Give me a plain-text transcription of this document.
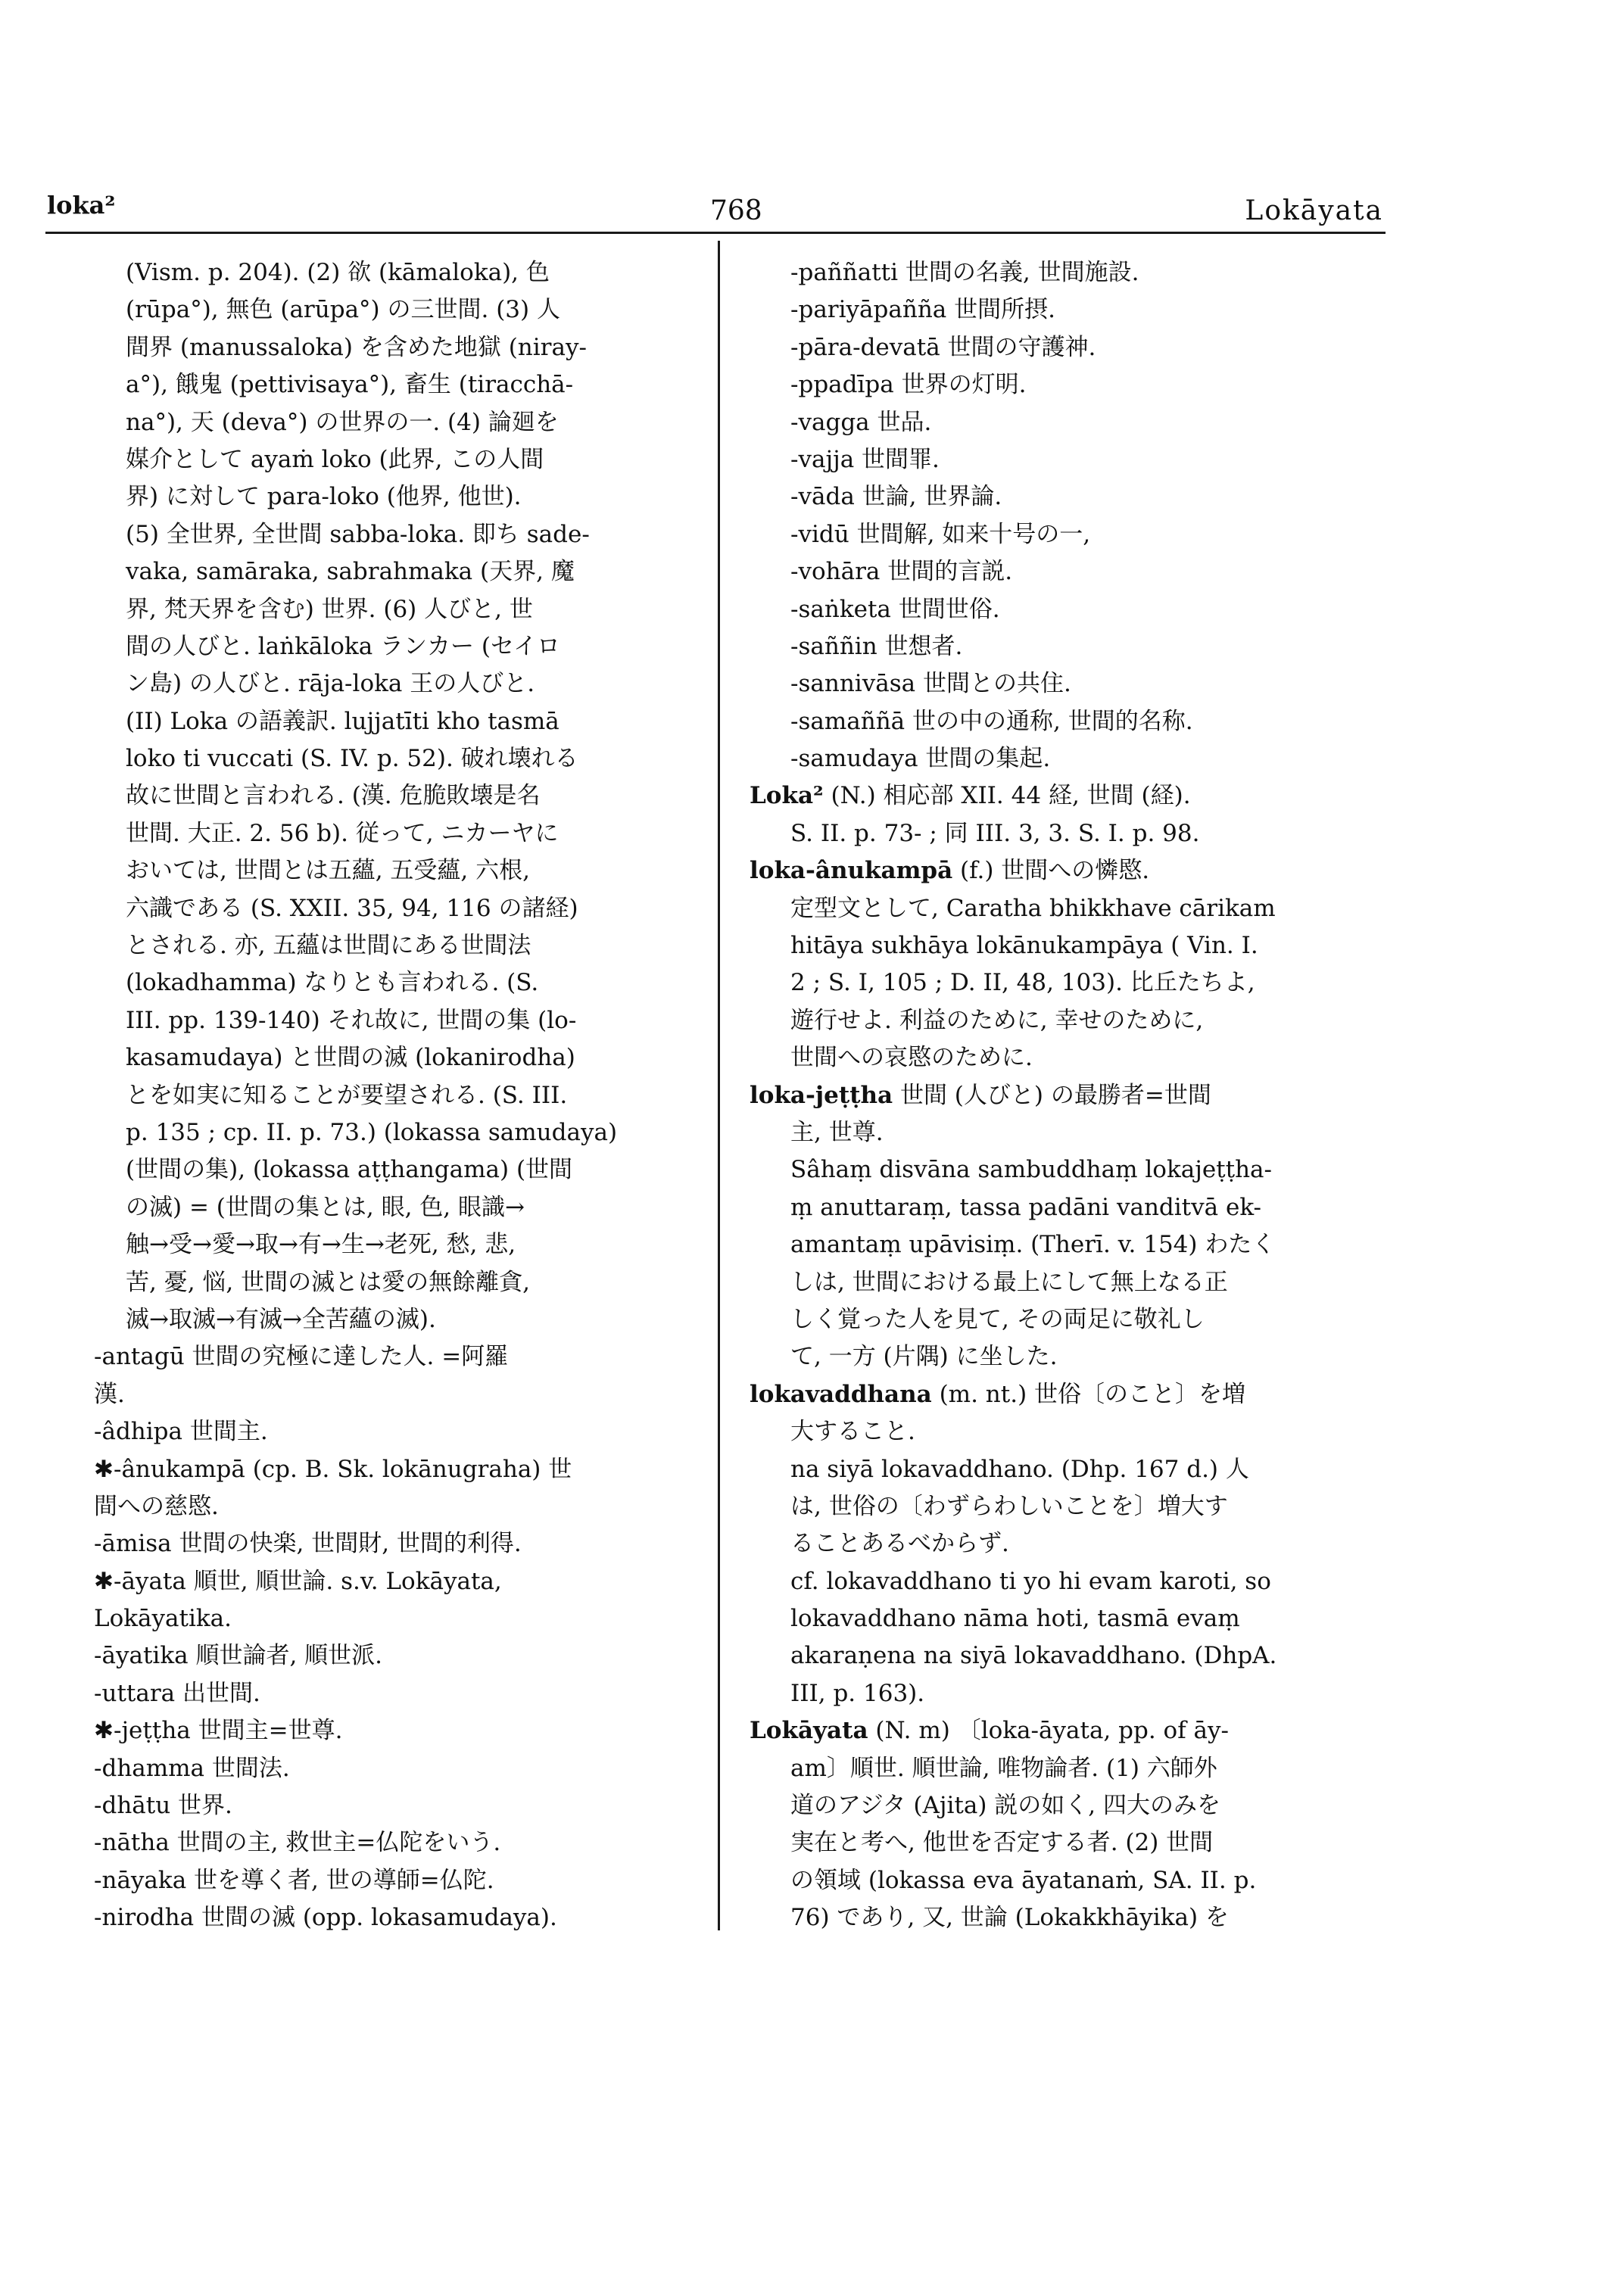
loka²	768	Lokāyata
(Vism. p. 204). (2) 欲 (kāmaloka), 色
(rūpa°), 無色 (arūpa°) の三世間. (3) 人
間界 (manussaloka) を含めた地獄 (niray-
a°), 餓鬼 (pettivisaya°), 畜生 (tiracchā-
na°), 天 (deva°) の世界の一. (4) 論廻を
媒介として ayaṁ loko (此界, この人間
界) に対して para-loko (他界, 他世).
(5) 全世界, 全世間 sabba-loka. 即ち sade-
vaka, samāraka, sabrahmaka (天界, 魔
界, 梵天界を含む) 世界. (6) 人びと, 世
間の人びと. laṅkāloka ランカー (セイロ
ン島) の人びと. rāja-loka 王の人びと.
(II) Loka の語義訳. lujjatīti kho tasmā
loko ti vuccati (S. IV. p. 52). 破れ壊れる
故に世間と言われる. (漢. 危脆敗壊是名
世間. 大正. 2. 56 b). 従って, ニカーヤに
おいては, 世間とは五蘊, 五受蘊, 六根,
六識である (S. XXII. 35, 94, 116 の諸経)
とされる. 亦, 五蘊は世間にある世間法
(lokadhamma) なりとも言われる. (S.
III. pp. 139-140) それ故に, 世間の集 (lo-
kasamudaya) と世間の滅 (lokanirodha)
とを如実に知ることが要望される. (S. III.
p. 135 ; cp. II. p. 73.) (lokassa samudaya)
(世間の集), (lokassa aṭṭhangama) (世間
の滅) = (世間の集とは, 眼, 色, 眼識→
触→受→愛→取→有→生→老死, 愁, 悲,
苦, 憂, 悩, 世間の滅とは愛の無餘離貪,
滅→取滅→有滅→全苦蘊の滅).
-antagū 世間の究極に達した人. =阿羅
漢.
-âdhipa 世間主.
✱-ânukampā (cp. B. Sk. lokānugraha) 世
間への慈愍.
-āmisa 世間の快楽, 世間財, 世間的利得.
✱-āyata 順世, 順世論. s.v. Lokāyata,
Lokāyatika.
-āyatika 順世論者, 順世派.
-uttara 出世間.
✱-jeṭṭha 世間主=世尊.
-dhamma 世間法.
-dhātu 世界.
-nātha 世間の主, 救世主=仏陀をいう.
-nāyaka 世を導く者, 世の導師=仏陀.
-nirodha 世間の滅 (opp. lokasamudaya).
-paññatti 世間の名義, 世間施設.
-pariyāpañña 世間所摂.
-pāra-devatā 世間の守護神.
-ppadīpa 世界の灯明.
-vagga 世品.
-vajja 世間罪.
-vāda 世論, 世界論.
-vidū 世間解, 如来十号の一,
-vohāra 世間的言説.
-saṅketa 世間世俗.
-saññin 世想者.
-sannivāsa 世間との共住.
-samaññā 世の中の通称, 世間的名称.
-samudaya 世間の集起.
Loka² (N.) 相応部 XII. 44 経, 世間 (経).
S. II. p. 73- ; 同 III. 3, 3. S. I. p. 98.
loka-ânukampā (f.) 世間への憐愍.
定型文として, Caratha bhikkhave cārikam
hitāya sukhāya lokānukampāya ( Vin. I.
2 ; S. I, 105 ; D. II, 48, 103). 比丘たちよ,
遊行せよ. 利益のために, 幸せのために,
世間への哀愍のために.
loka-jeṭṭha 世間 (人びと) の最勝者=世間
主, 世尊.
Sâhaṃ disvāna sambuddhaṃ lokajeṭṭha-
ṃ anuttaraṃ, tassa padāni vanditvā ek-
amantaṃ upāvisiṃ. (Therī. v. 154) わたく
しは, 世間における最上にして無上なる正
しく覚った人を見て, その両足に敬礼し
て, 一方 (片隅) に坐した.
lokavaddhana (m. nt.) 世俗〔のこと〕を増
大すること.
na siyā lokavaddhano. (Dhp. 167 d.) 人
は, 世俗の〔わずらわしいことを〕増大す
ることあるべからず.
cf. lokavaddhano ti yo hi evam karoti, so
lokavaddhano nāma hoti, tasmā evaṃ
akaraṇena na siyā lokavaddhano. (DhpA.
III, p. 163).
Lokāyata (N. m) 〔loka-āyata, pp. of āy-
am〕順世. 順世論, 唯物論者. (1) 六師外
道のアジタ (Ajita) 説の如く, 四大のみを
実在と考へ, 他世を否定する者. (2) 世間
の領域 (lokassa eva āyatanaṁ, SA. II. p.
76) であり, 又, 世論 (Lokakkhāyika) を
